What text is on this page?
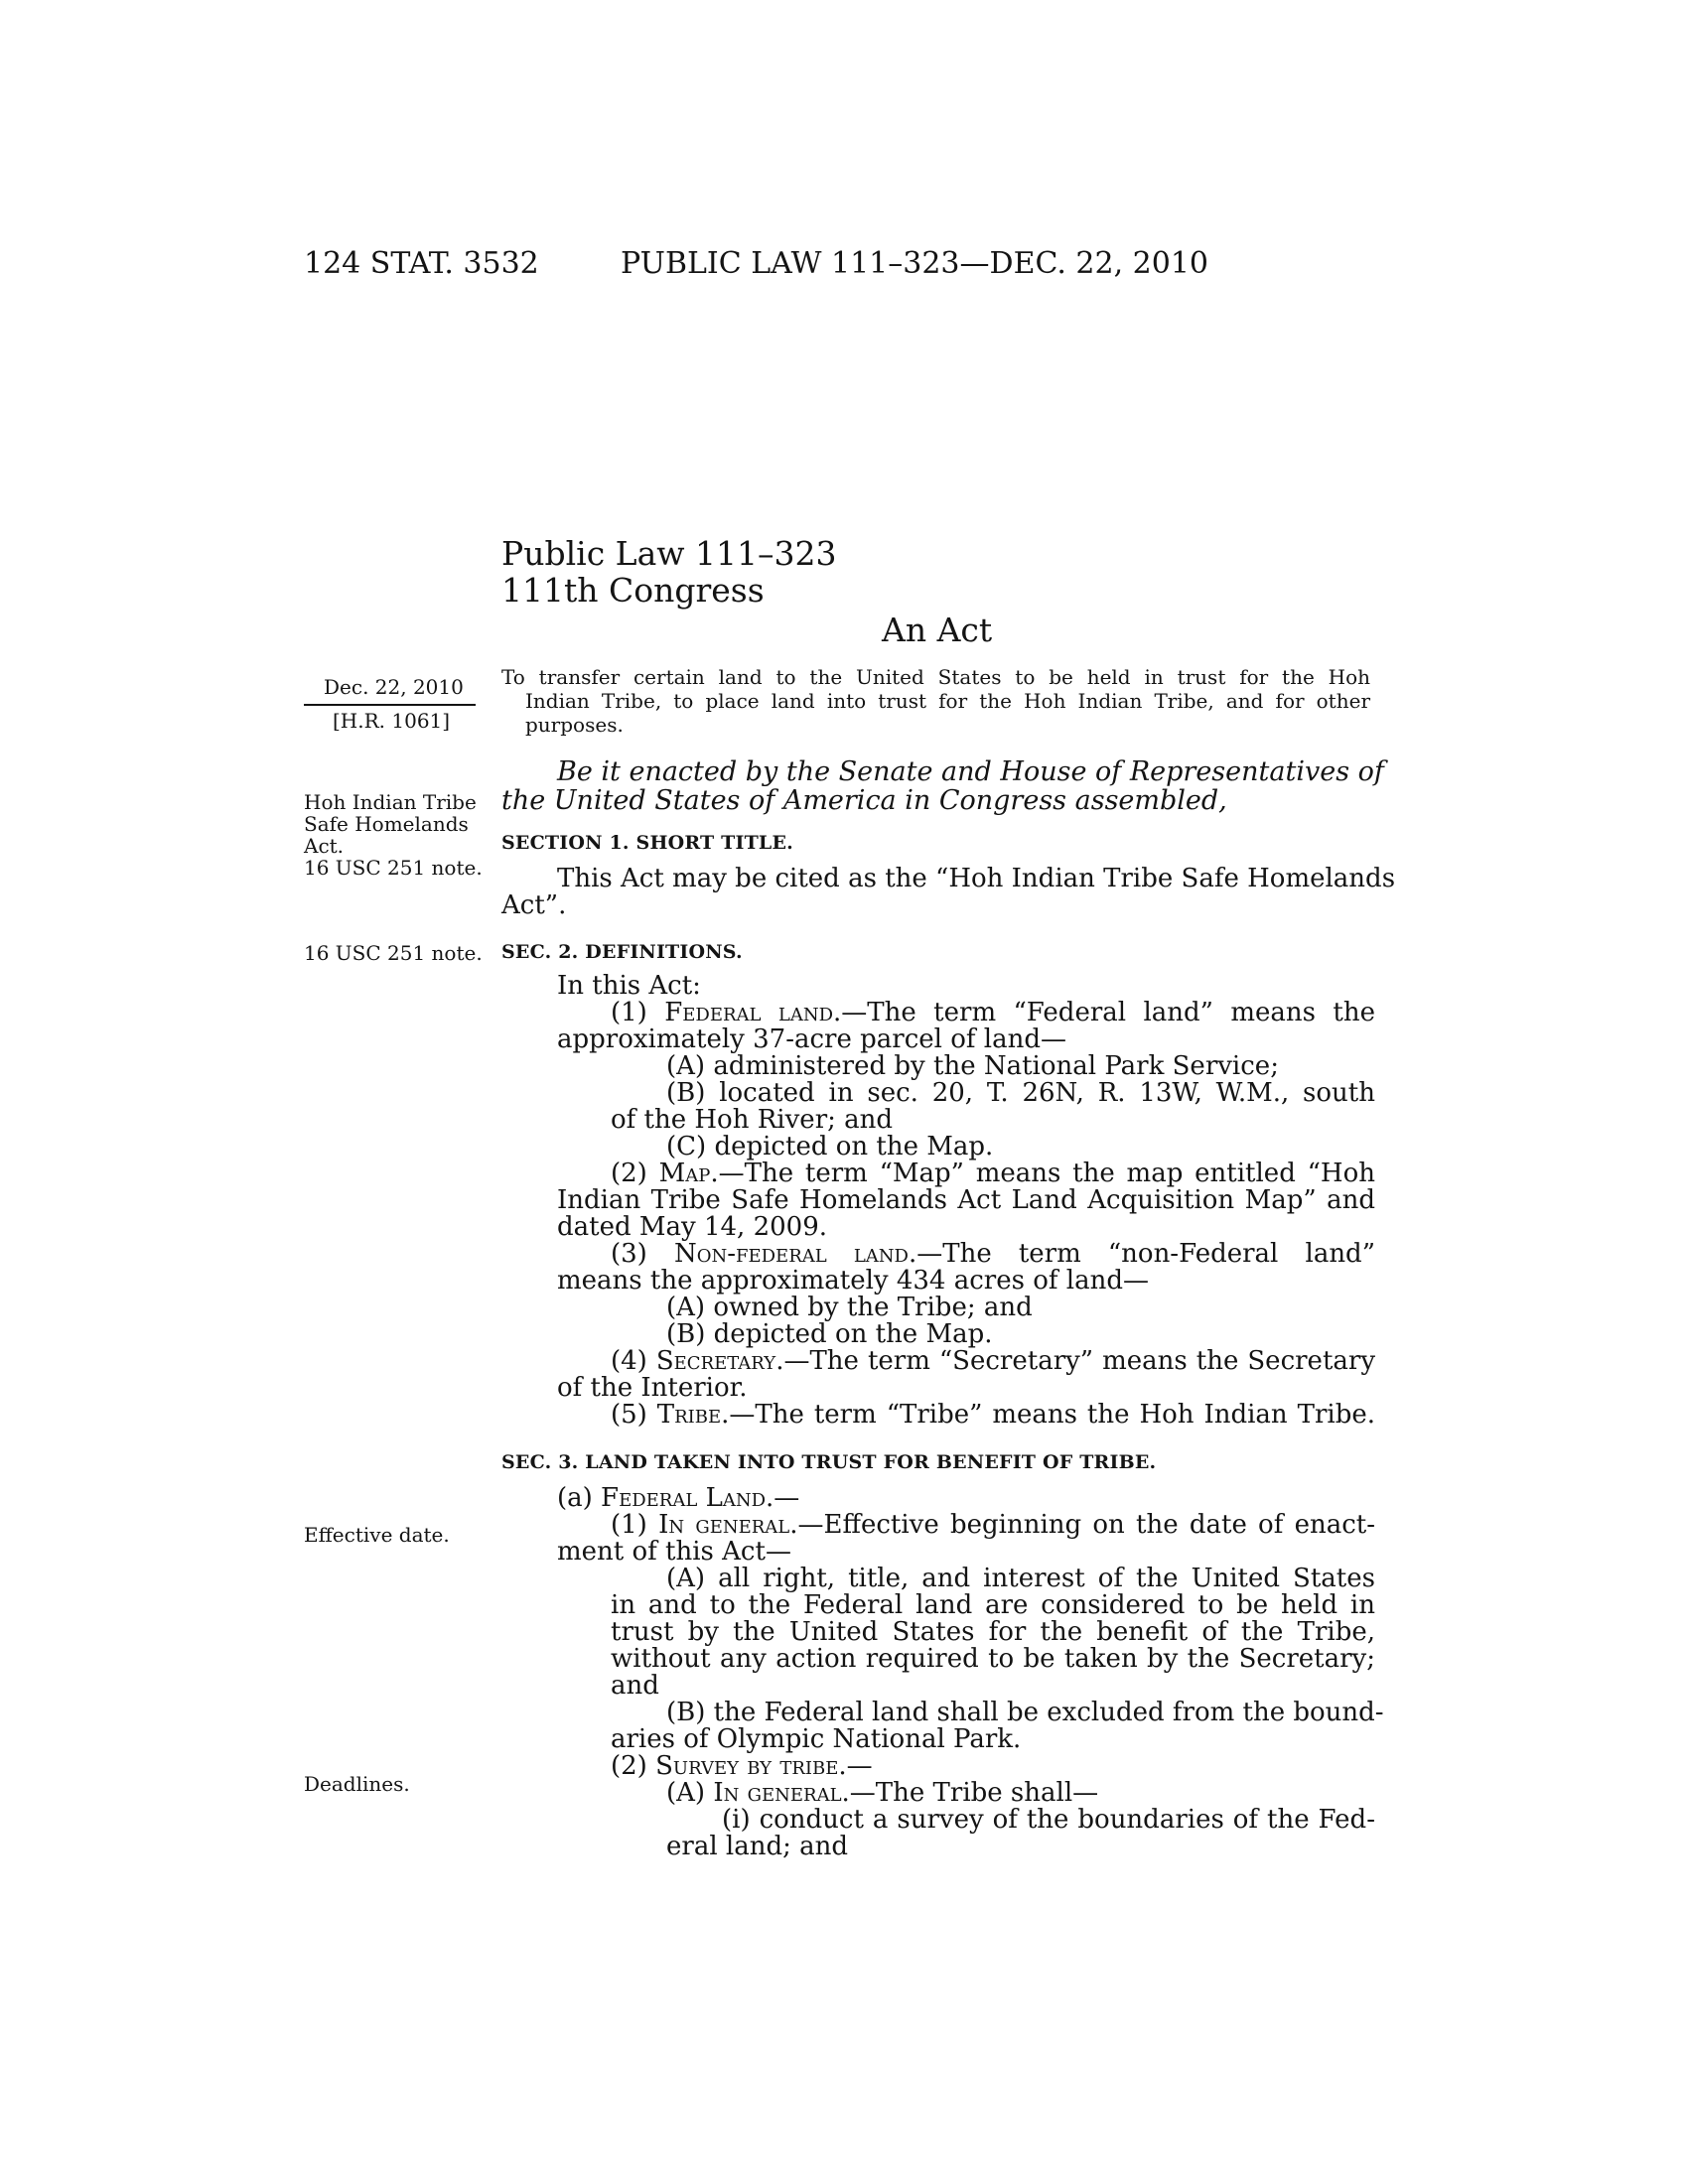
124 STAT. 3532	PUBLIC LAW 111–323—DEC. 22, 2010
Public Law 111–323
111th Congress
An Act
Dec. 22, 2010
[H.R. 1061]
Hoh Indian Tribe
Safe Homelands
Act.
16 USC 251 note.
16 USC 251 note.
Effective date.
Deadlines.
To transfer certain land to the United States to be held in trust for the Hoh
Indian Tribe, to place land into trust for the Hoh Indian Tribe, and for other
purposes.
Be it enacted by the Senate and House of Representatives of
the United States of America in Congress assembled,
SECTION 1. SHORT TITLE.
This Act may be cited as the “Hoh Indian Tribe Safe Homelands
Act”.
SEC. 2. DEFINITIONS.
In this Act:
(1) Federal land.—The term “Federal land” means the
approximately 37-acre parcel of land—
(A) administered by the National Park Service;
(B) located in sec. 20, T. 26N, R. 13W, W.M., south
of the Hoh River; and
(C) depicted on the Map.
(2) Map.—The term “Map” means the map entitled “Hoh
Indian Tribe Safe Homelands Act Land Acquisition Map” and
dated May 14, 2009.
(3) Non-federal land.—The term “non-Federal land”
means the approximately 434 acres of land—
(A) owned by the Tribe; and
(B) depicted on the Map.
(4) Secretary.—The term “Secretary” means the Secretary
of the Interior.
(5) Tribe.—The term “Tribe” means the Hoh Indian Tribe.
SEC. 3. LAND TAKEN INTO TRUST FOR BENEFIT OF TRIBE.
(a) Federal Land.—
(1) In general.—Effective beginning on the date of enact-
ment of this Act—
(A) all right, title, and interest of the United States
in and to the Federal land are considered to be held in
trust by the United States for the benefit of the Tribe,
without any action required to be taken by the Secretary;
and
(B) the Federal land shall be excluded from the bound-
aries of Olympic National Park.
(2) Survey by tribe.—
(A) In general.—The Tribe shall—
(i) conduct a survey of the boundaries of the Fed-
eral land; and
